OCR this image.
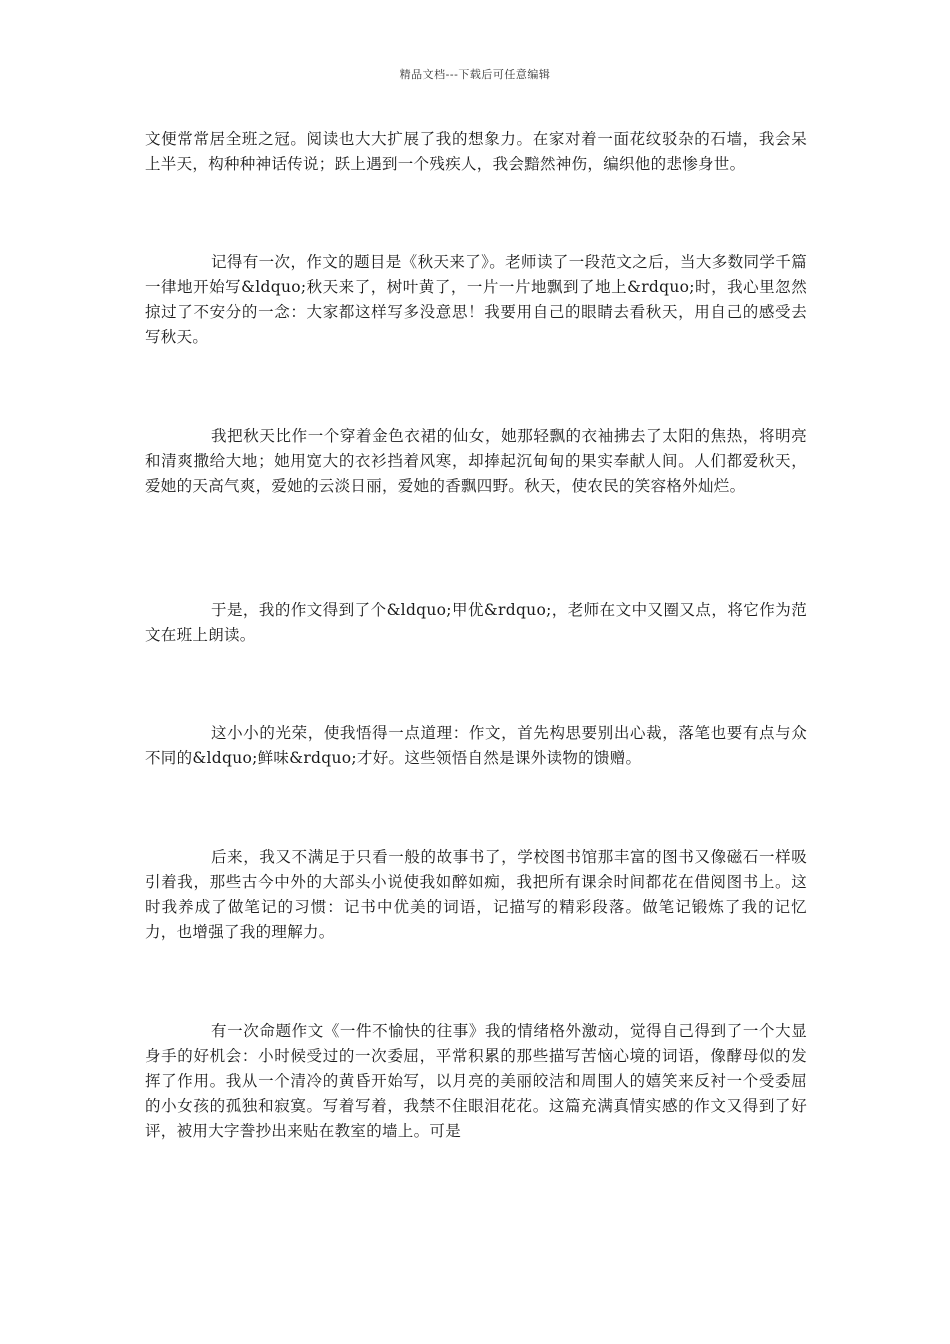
精品文档---下载后可任意编辑

文便常常居全班之冠。阅读也大大扩展了我的想象力。在家对着一面花纹驳杂的石墙，我会呆上半天，构种种神话传说；跃上遇到一个残疾人，我会黯然神伤，编织他的悲惨身世。

记得有一次，作文的题目是《秋天来了》。老师读了一段范文之后，当大多数同学千篇一律地开始写&ldquo;秋天来了，树叶黄了，一片一片地飘到了地上&rdquo;时，我心里忽然掠过了不安分的一念：大家都这样写多没意思！我要用自己的眼睛去看秋天，用自己的感受去写秋天。

我把秋天比作一个穿着金色衣裙的仙女，她那轻飘的衣袖拂去了太阳的焦热，将明亮和清爽撒给大地；她用宽大的衣衫挡着风寒，却捧起沉甸甸的果实奉献人间。人们都爱秋天，爱她的天高气爽，爱她的云淡日丽，爱她的香飘四野。秋天，使农民的笑容格外灿烂。

于是，我的作文得到了个&ldquo;甲优&rdquo;，老师在文中又圈又点，将它作为范文在班上朗读。

这小小的光荣，使我悟得一点道理：作文，首先构思要别出心裁，落笔也要有点与众不同的&ldquo;鲜味&rdquo;才好。这些领悟自然是课外读物的馈赠。

后来，我又不满足于只看一般的故事书了，学校图书馆那丰富的图书又像磁石一样吸引着我，那些古今中外的大部头小说使我如醉如痴，我把所有课余时间都花在借阅图书上。这时我养成了做笔记的习惯：记书中优美的词语，记描写的精彩段落。做笔记锻炼了我的记忆力，也增强了我的理解力。

有一次命题作文《一件不愉快的往事》我的情绪格外激动，觉得自己得到了一个大显身手的好机会：小时候受过的一次委屈，平常积累的那些描写苦恼心境的词语，像酵母似的发挥了作用。我从一个清冷的黄昏开始写，以月亮的美丽皎洁和周围人的嬉笑来反衬一个受委屈的小女孩的孤独和寂寞。写着写着，我禁不住眼泪花花。这篇充满真情实感的作文又得到了好评，被用大字誊抄出来贴在教室的墙上。可是
